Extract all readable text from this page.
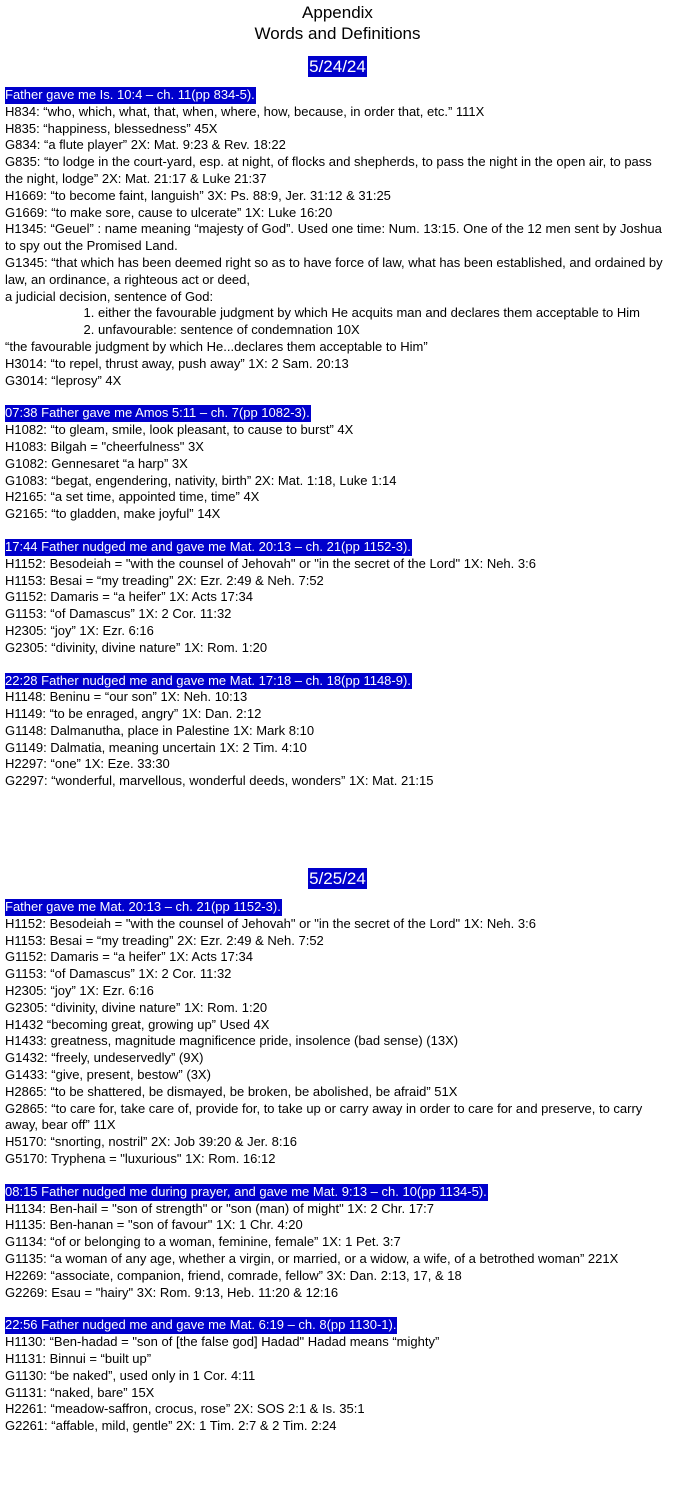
Appendix
Words and Definitions
5/24/24
Father gave me Is. 10:4 – ch. 11(pp 834-5).
H834: “who, which, what, that, when, where, how, because, in order that, etc.” 111X
H835: “happiness, blessedness” 45X
G834: “a flute player” 2X: Mat. 9:23 & Rev. 18:22
G835: “to lodge in the court-yard, esp. at night, of flocks and shepherds, to pass the night in the open air, to pass the night, lodge” 2X: Mat. 21:17 & Luke 21:37
H1669: “to become faint, languish” 3X: Ps. 88:9, Jer. 31:12 & 31:25
G1669: “to make sore, cause to ulcerate” 1X: Luke 16:20
H1345: “Geuel” : name meaning “majesty of God”. Used one time: Num. 13:15. One of the 12 men sent by Joshua to spy out the Promised Land.
G1345: “that which has been deemed right so as to have force of law, what has been established, and ordained by law, an ordinance, a righteous act or deed,
a judicial decision, sentence of God:
1. either the favourable judgment by which He acquits man and declares them acceptable to Him
2. unfavourable: sentence of condemnation 10X
“the favourable judgment by which He...declares them acceptable to Him”
H3014: “to repel, thrust away, push away” 1X: 2 Sam. 20:13
G3014: “leprosy” 4X
07:38 Father gave me Amos 5:11 – ch. 7(pp 1082-3).
H1082: “to gleam, smile, look pleasant, to cause to burst” 4X
H1083: Bilgah = "cheerfulness" 3X
G1082: Gennesaret “a harp” 3X
G1083: “begat, engendering, nativity, birth” 2X: Mat. 1:18, Luke 1:14
H2165: “a set time, appointed time, time” 4X
G2165: “to gladden, make joyful” 14X
17:44 Father nudged me and gave me Mat. 20:13 – ch. 21(pp 1152-3).
H1152: Besodeiah = "with the counsel of Jehovah" or "in the secret of the Lord" 1X: Neh. 3:6
H1153: Besai = “my treading” 2X: Ezr. 2:49 & Neh. 7:52
G1152: Damaris = “a heifer” 1X: Acts 17:34
G1153: “of Damascus” 1X: 2 Cor. 11:32
H2305: “joy” 1X: Ezr. 6:16
G2305: “divinity, divine nature” 1X: Rom. 1:20
22:28 Father nudged me and gave me Mat. 17:18 – ch. 18(pp 1148-9).
H1148: Beninu = “our son” 1X: Neh. 10:13
H1149: “to be enraged, angry” 1X: Dan. 2:12
G1148: Dalmanutha, place in Palestine 1X: Mark 8:10
G1149: Dalmatia, meaning uncertain 1X: 2 Tim. 4:10
H2297: “one” 1X: Eze. 33:30
G2297: “wonderful, marvellous, wonderful deeds, wonders” 1X: Mat. 21:15
5/25/24
Father gave me Mat. 20:13 – ch. 21(pp 1152-3).
H1152: Besodeiah = "with the counsel of Jehovah" or "in the secret of the Lord" 1X: Neh. 3:6
H1153: Besai = “my treading” 2X: Ezr. 2:49 & Neh. 7:52
G1152: Damaris = “a heifer” 1X: Acts 17:34
G1153: “of Damascus” 1X: 2 Cor. 11:32
H2305: “joy” 1X: Ezr. 6:16
G2305: “divinity, divine nature” 1X: Rom. 1:20
H1432 “becoming great, growing up” Used 4X
H1433: greatness, magnitude magnificence pride, insolence (bad sense) (13X)
G1432: “freely, undeservedly” (9X)
G1433: “give, present, bestow” (3X)
H2865: “to be shattered, be dismayed, be broken, be abolished, be afraid” 51X
G2865: “to care for, take care of, provide for, to take up or carry away in order to care for and preserve, to carry away, bear off” 11X
H5170: “snorting, nostril” 2X: Job 39:20 & Jer. 8:16
G5170: Tryphena = "luxurious" 1X: Rom. 16:12
08:15 Father nudged me during prayer, and gave me Mat. 9:13 – ch. 10(pp 1134-5).
H1134: Ben-hail = "son of strength" or "son (man) of might" 1X: 2 Chr. 17:7
H1135: Ben-hanan = "son of favour" 1X: 1 Chr. 4:20
G1134: “of or belonging to a woman, feminine, female” 1X: 1 Pet. 3:7
G1135: “a woman of any age, whether a virgin, or married, or a widow, a wife, of a betrothed woman” 221X
H2269: “associate, companion, friend, comrade, fellow” 3X: Dan. 2:13, 17, & 18
G2269: Esau = "hairy" 3X: Rom. 9:13, Heb. 11:20 & 12:16
22:56 Father nudged me and gave me Mat. 6:19 – ch. 8(pp 1130-1).
H1130: “Ben-hadad = "son of [the false god] Hadad" Hadad means “mighty”
H1131: Binnui = “built up”
G1130: “be naked”, used only in 1 Cor. 4:11
G1131: “naked, bare” 15X
H2261: “meadow-saffron, crocus, rose” 2X: SOS 2:1 & Is. 35:1
G2261: “affable, mild, gentle” 2X: 1 Tim. 2:7 & 2 Tim. 2:24
